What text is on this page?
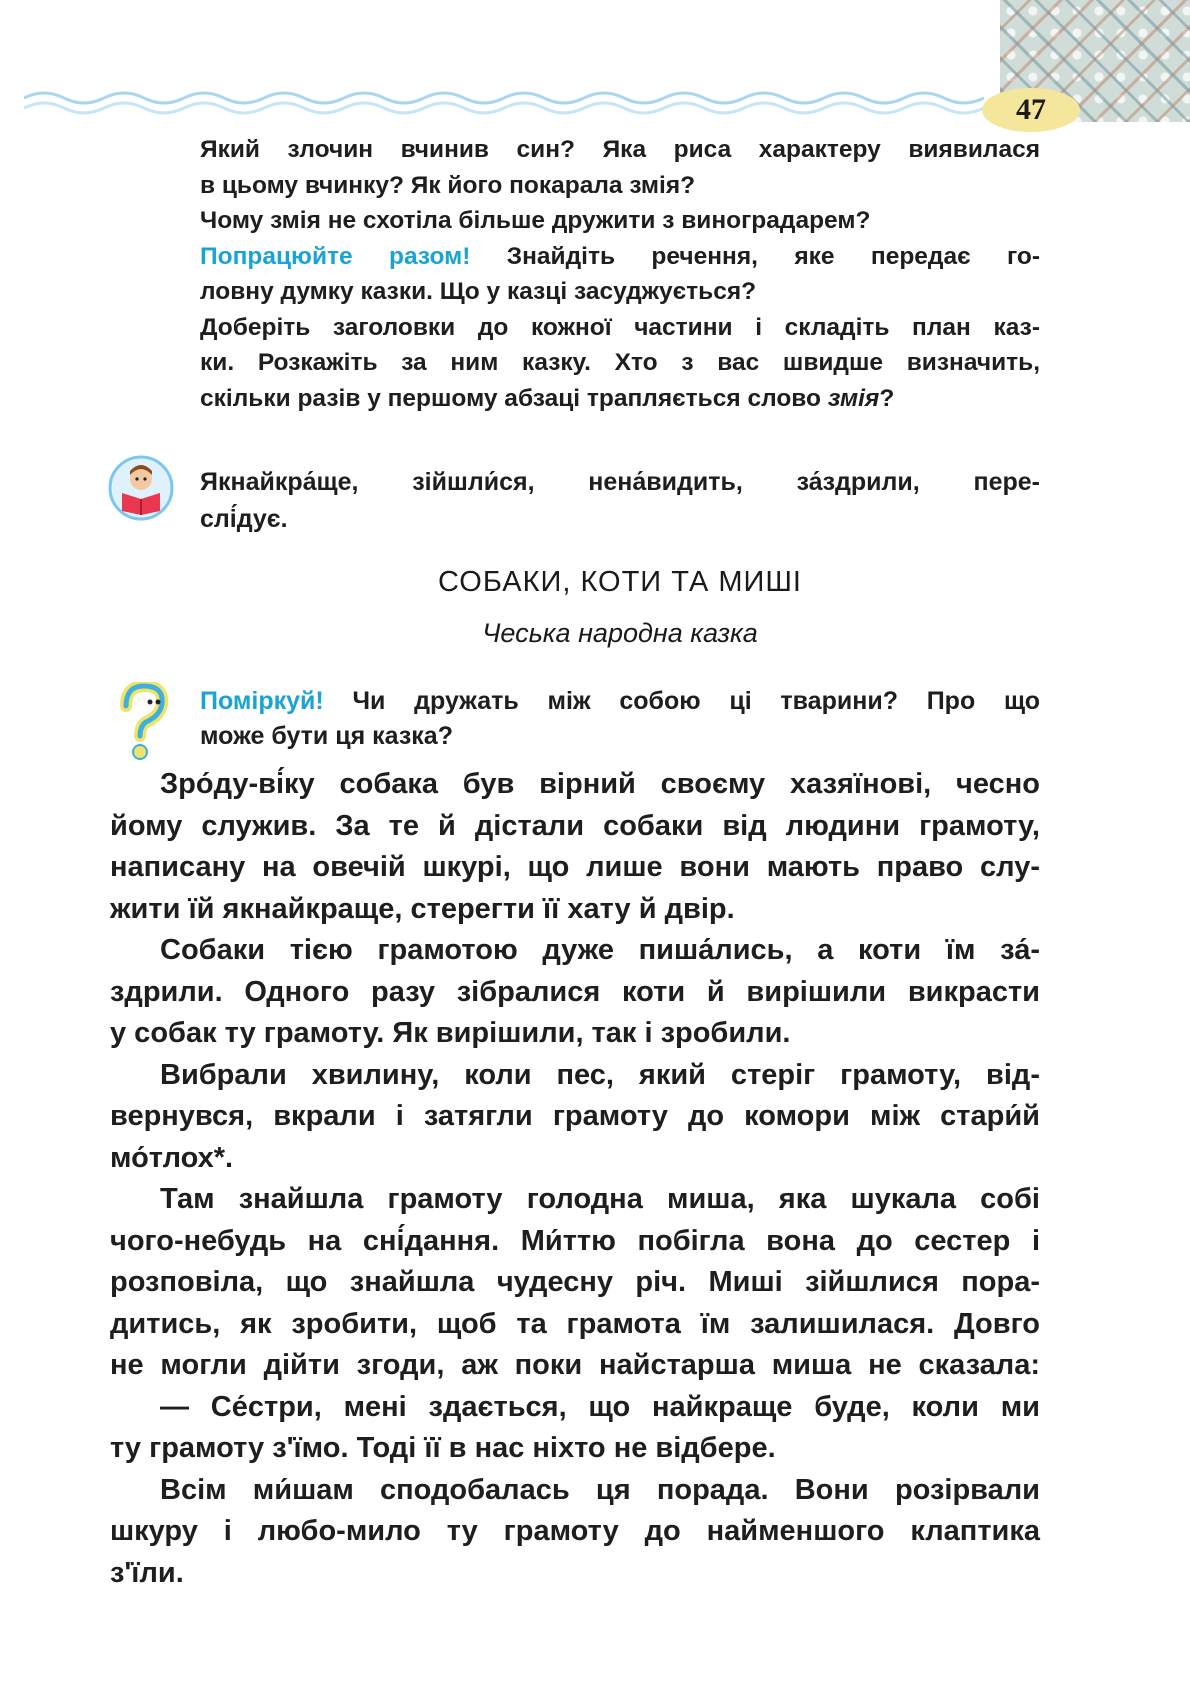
47

Який злочин вчинив син? Яка риса характеру виявилася

в цьому вчинку? Як його покарала змія?

Чому змія не схотіла більше дружити з виноградарем?

Попрацюйте разом! Знайдіть речення, яке передає го-

ловну думку казки. Що у казці засуджується?

Доберіть заголовки до кожної частини і складіть план каз-

ки. Розкажіть за ним казку. Хто з вас швидше визначить,

скільки разів у першому абзаці трапляється слово змія?

Якнайкра́ще, зійшли́ся, нена́видить, за́здрили, пере-

слі́дує.

СОБАКИ, КОТИ ТА МИШІ
Чеська народна казка

Поміркуй! Чи дружать між собою ці тварини? Про що

може бути ця казка?

Зро́ду-ві́ку собака був вірний своєму хазяїнові, чесно

йому служив. За те й дістали собаки від людини грамоту,

написану на овечій шкурі, що лише вони мають право слу-

жити їй якнайкраще, стерегти її хату й двір.

Собаки тією грамотою дуже пиша́лись, а коти їм за́-

здрили. Одного разу зібралися коти й вирішили викрасти

у собак ту грамоту. Як вирішили, так і зробили.

Вибрали хвилину, коли пес, який стеріг грамоту, від-

вернувся, вкрали і затягли грамоту до комори між стари́й

мо́тлох*.

Там знайшла грамоту голодна миша, яка шукала собі

чого-небудь на сні́дання. Ми́ттю побігла вона до сестер і

розповіла, що знайшла чудесну річ. Миші зійшлися пора-

дитись, як зробити, щоб та грамота їм залишилася. Довго

не могли дійти згоди, аж поки найстарша миша не сказала:

— Се́стри, мені здається, що найкраще буде, коли ми

ту грамоту з'їмо. Тоді її в нас ніхто не відбере.

Всім ми́шам сподобалась ця порада. Вони розірвали

шкуру і любо-мило ту грамоту до найменшого клаптика

з'їли.
